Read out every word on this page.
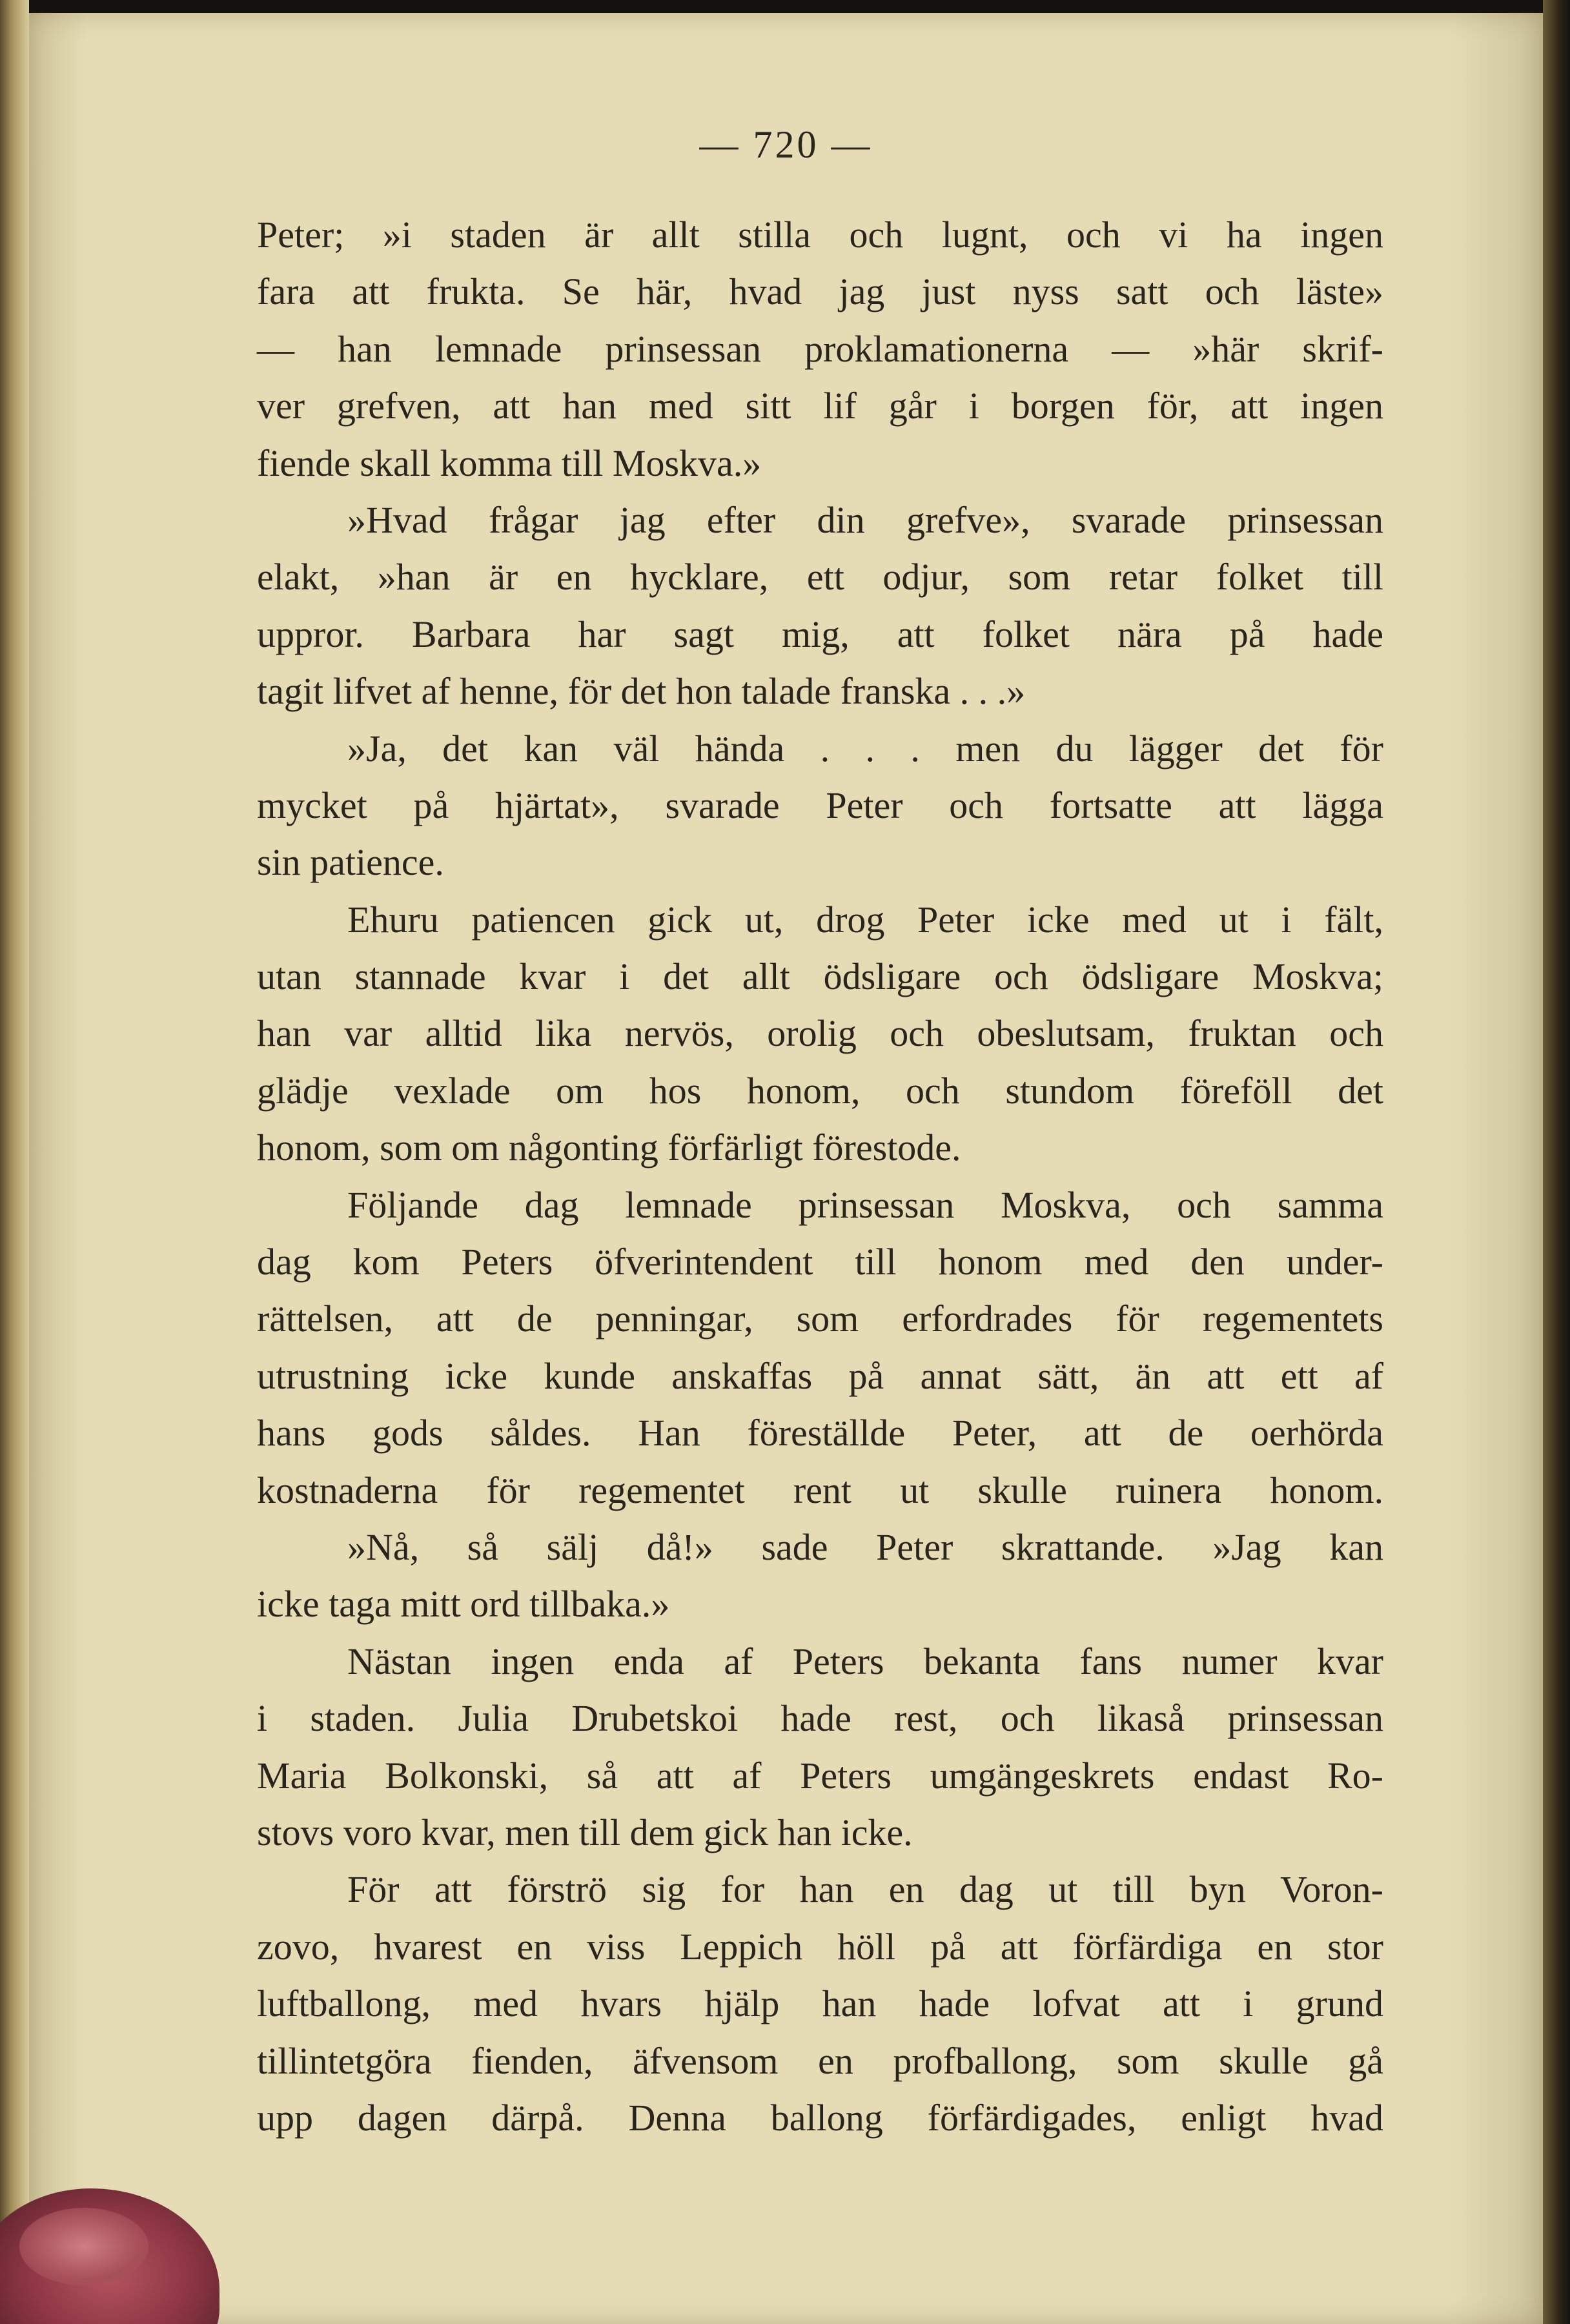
— 720 —
Peter; »i staden är allt stilla och lugnt, och vi ha ingen
fara att frukta. Se här, hvad jag just nyss satt och läste»
— han lemnade prinsessan proklamationerna — »här skrif-
ver grefven, att han med sitt lif går i borgen för, att ingen
fiende skall komma till Moskva.»
»Hvad frågar jag efter din grefve», svarade prinsessan
elakt, »han är en hycklare, ett odjur, som retar folket till
uppror. Barbara har sagt mig, att folket nära på hade
tagit lifvet af henne, för det hon talade franska . . .»
»Ja, det kan väl hända . . . men du lägger det för
mycket på hjärtat», svarade Peter och fortsatte att lägga
sin patience.
Ehuru patiencen gick ut, drog Peter icke med ut i fält,
utan stannade kvar i det allt ödsligare och ödsligare Moskva;
han var alltid lika nervös, orolig och obeslutsam, fruktan och
glädje vexlade om hos honom, och stundom föreföll det
honom, som om någonting förfärligt förestode.
Följande dag lemnade prinsessan Moskva, och samma
dag kom Peters öfverintendent till honom med den under-
rättelsen, att de penningar, som erfordrades för regementets
utrustning icke kunde anskaffas på annat sätt, än att ett af
hans gods såldes. Han föreställde Peter, att de oerhörda
kostnaderna för regementet rent ut skulle ruinera honom.
»Nå, så sälj då!» sade Peter skrattande. »Jag kan
icke taga mitt ord tillbaka.»
Nästan ingen enda af Peters bekanta fans numer kvar
i staden. Julia Drubetskoi hade rest, och likaså prinsessan
Maria Bolkonski, så att af Peters umgängeskrets endast Ro-
stovs voro kvar, men till dem gick han icke.
För att förströ sig for han en dag ut till byn Voron-
zovo, hvarest en viss Leppich höll på att förfärdiga en stor
luftballong, med hvars hjälp han hade lofvat att i grund
tillintetgöra fienden, äfvensom en profballong, som skulle gå
upp dagen därpå. Denna ballong förfärdigades, enligt hvad
